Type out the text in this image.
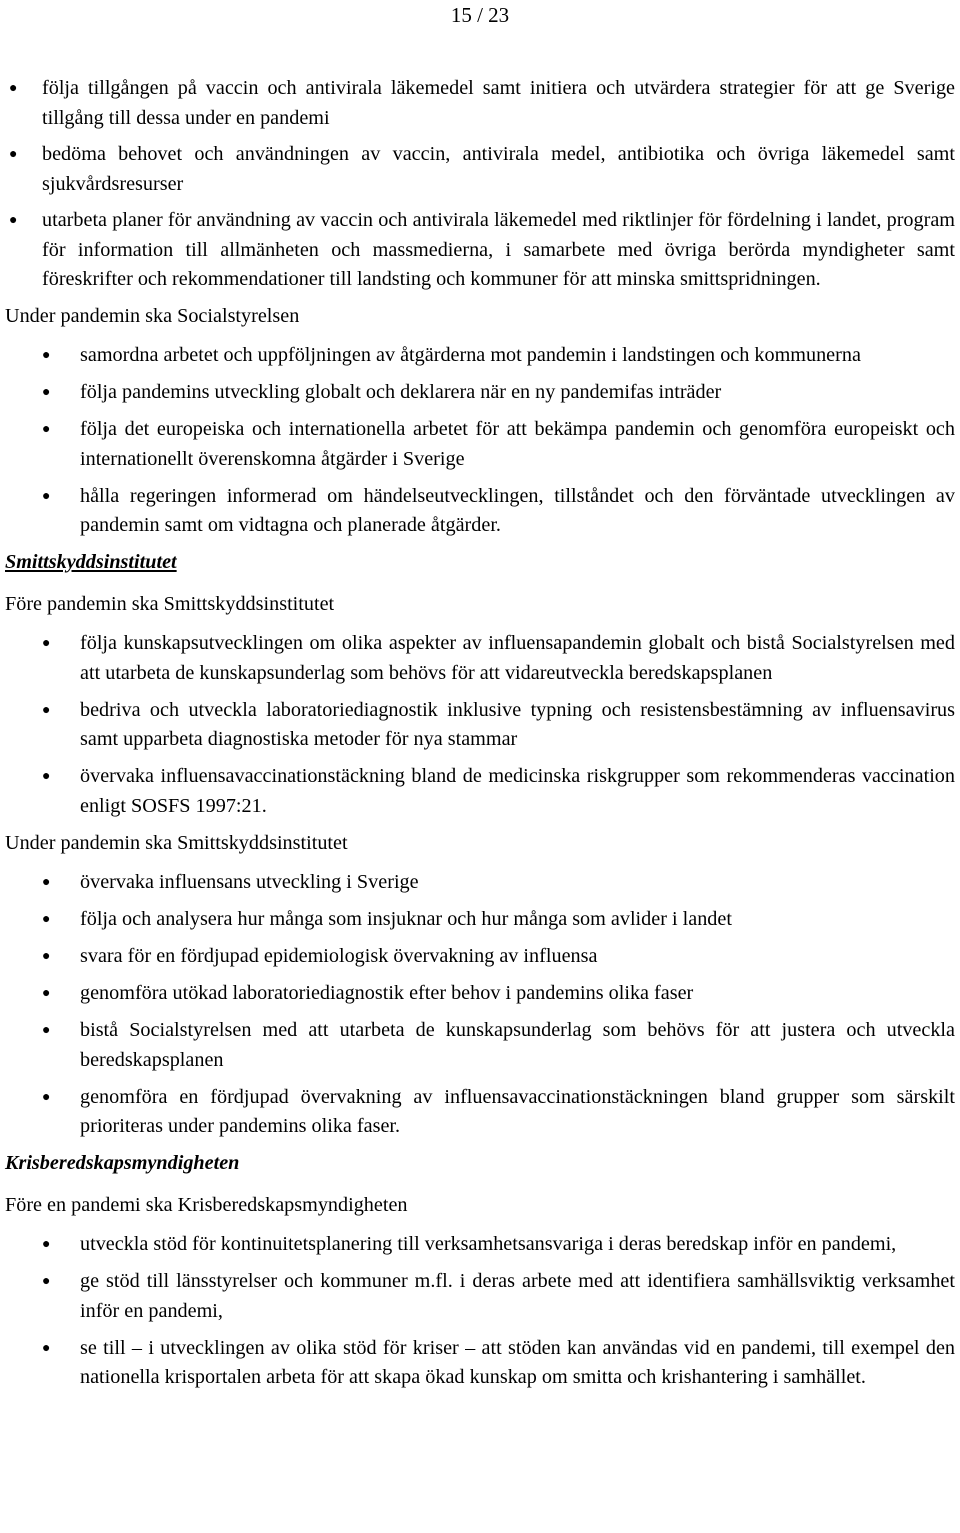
15 / 23
● följa tillgången på vaccin och antivirala läkemedel samt initiera och utvärdera strategier för att ge Sverige tillgång till dessa under en pandemi
● bedöma behovet och användningen av vaccin, antivirala medel, antibiotika och övriga läkemedel samt sjukvårdsresurser
● utarbeta planer för användning av vaccin och antivirala läkemedel med riktlinjer för fördelning i landet, program för information till allmänheten och massmedierna, i samarbete med övriga berörda myndigheter samt föreskrifter och rekommendationer till landsting och kommuner för att minska smittspridningen.

Under pandemin ska Socialstyrelsen

● samordna arbetet och uppföljningen av åtgärderna mot pandemin i landstingen och kommunerna
● följa pandemins utveckling globalt och deklarera när en ny pandemifas inträder
● följa det europeiska och internationella arbetet för att bekämpa pandemin och genomföra europeiskt och internationellt överenskomna åtgärder i Sverige
● hålla regeringen informerad om händelseutvecklingen, tillståndet och den förväntade utvecklingen av pandemin samt om vidtagna och planerade åtgärder.

Smittskyddsinstitutet

Före pandemin ska Smittskyddsinstitutet

● följa kunskapsutvecklingen om olika aspekter av influensapandemin globalt och bistå Socialstyrelsen med att utarbeta de kunskapsunderlag som behövs för att vidareutveckla beredskapsplanen
● bedriva och utveckla laboratoriediagnostik inklusive typning och resistensbestämning av influensavirus samt upparbeta diagnostiska metoder för nya stammar
● övervaka influensavaccinationstäckning bland de medicinska riskgrupper som rekommenderas vaccination enligt SOSFS 1997:21.

Under pandemin ska Smittskyddsinstitutet

● övervaka influensans utveckling i Sverige
● följa och analysera hur många som insjuknar och hur många som avlider i landet
● svara för en fördjupad epidemiologisk övervakning av influensa
● genomföra utökad laboratoriediagnostik efter behov i pandemins olika faser
● bistå Socialstyrelsen med att utarbeta de kunskapsunderlag som behövs för att justera och utveckla beredskapsplanen
● genomföra en fördjupad övervakning av influensavaccinationstäckningen bland grupper som särskilt prioriteras under pandemins olika faser.

Krisberedskapsmyndigheten

Före en pandemi ska Krisberedskapsmyndigheten

● utveckla stöd för kontinuitetsplanering till verksamhetsansvariga i deras beredskap inför en pandemi,
● ge stöd till länsstyrelser och kommuner m.fl. i deras arbete med att identifiera samhällsviktig verksamhet inför en pandemi,
● se till – i utvecklingen av olika stöd för kriser – att stöden kan användas vid en pandemi, till exempel den nationella krisportalen arbeta för att skapa ökad kunskap om smitta och krishantering i samhället.
